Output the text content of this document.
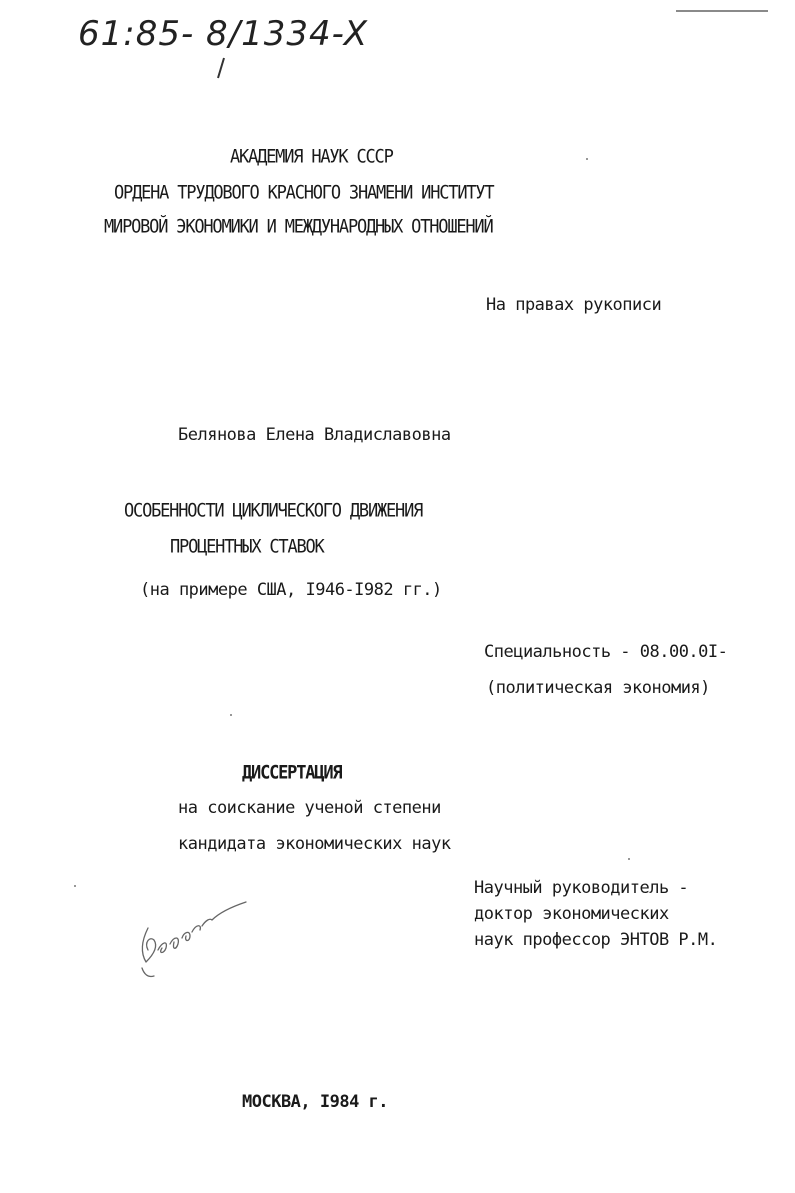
61:85- 8/1334-X
АКАДЕМИЯ НАУК СССР
ОРДЕНА ТРУДОВОГО КРАСНОГО ЗНАМЕНИ ИНСТИТУТ
МИРОВОЙ ЭКОНОМИКИ И МЕЖДУНАРОДНЫХ ОТНОШЕНИЙ
На правах рукописи
Белянова Елена Владиславовна
ОСОБЕННОСТИ ЦИКЛИЧЕСКОГО ДВИЖЕНИЯ
ПРОЦЕНТНЫХ СТАВОК
(на примере США, I946-I982 гг.)
Специальность - 08.00.0I-
(политическая экономия)
ДИССЕРТАЦИЯ
на соискание ученой степени
кандидата экономических наук
Научный руководитель -
доктор экономических
наук профессор ЭНТОВ Р.М.
МОСКВА, I984 г.
